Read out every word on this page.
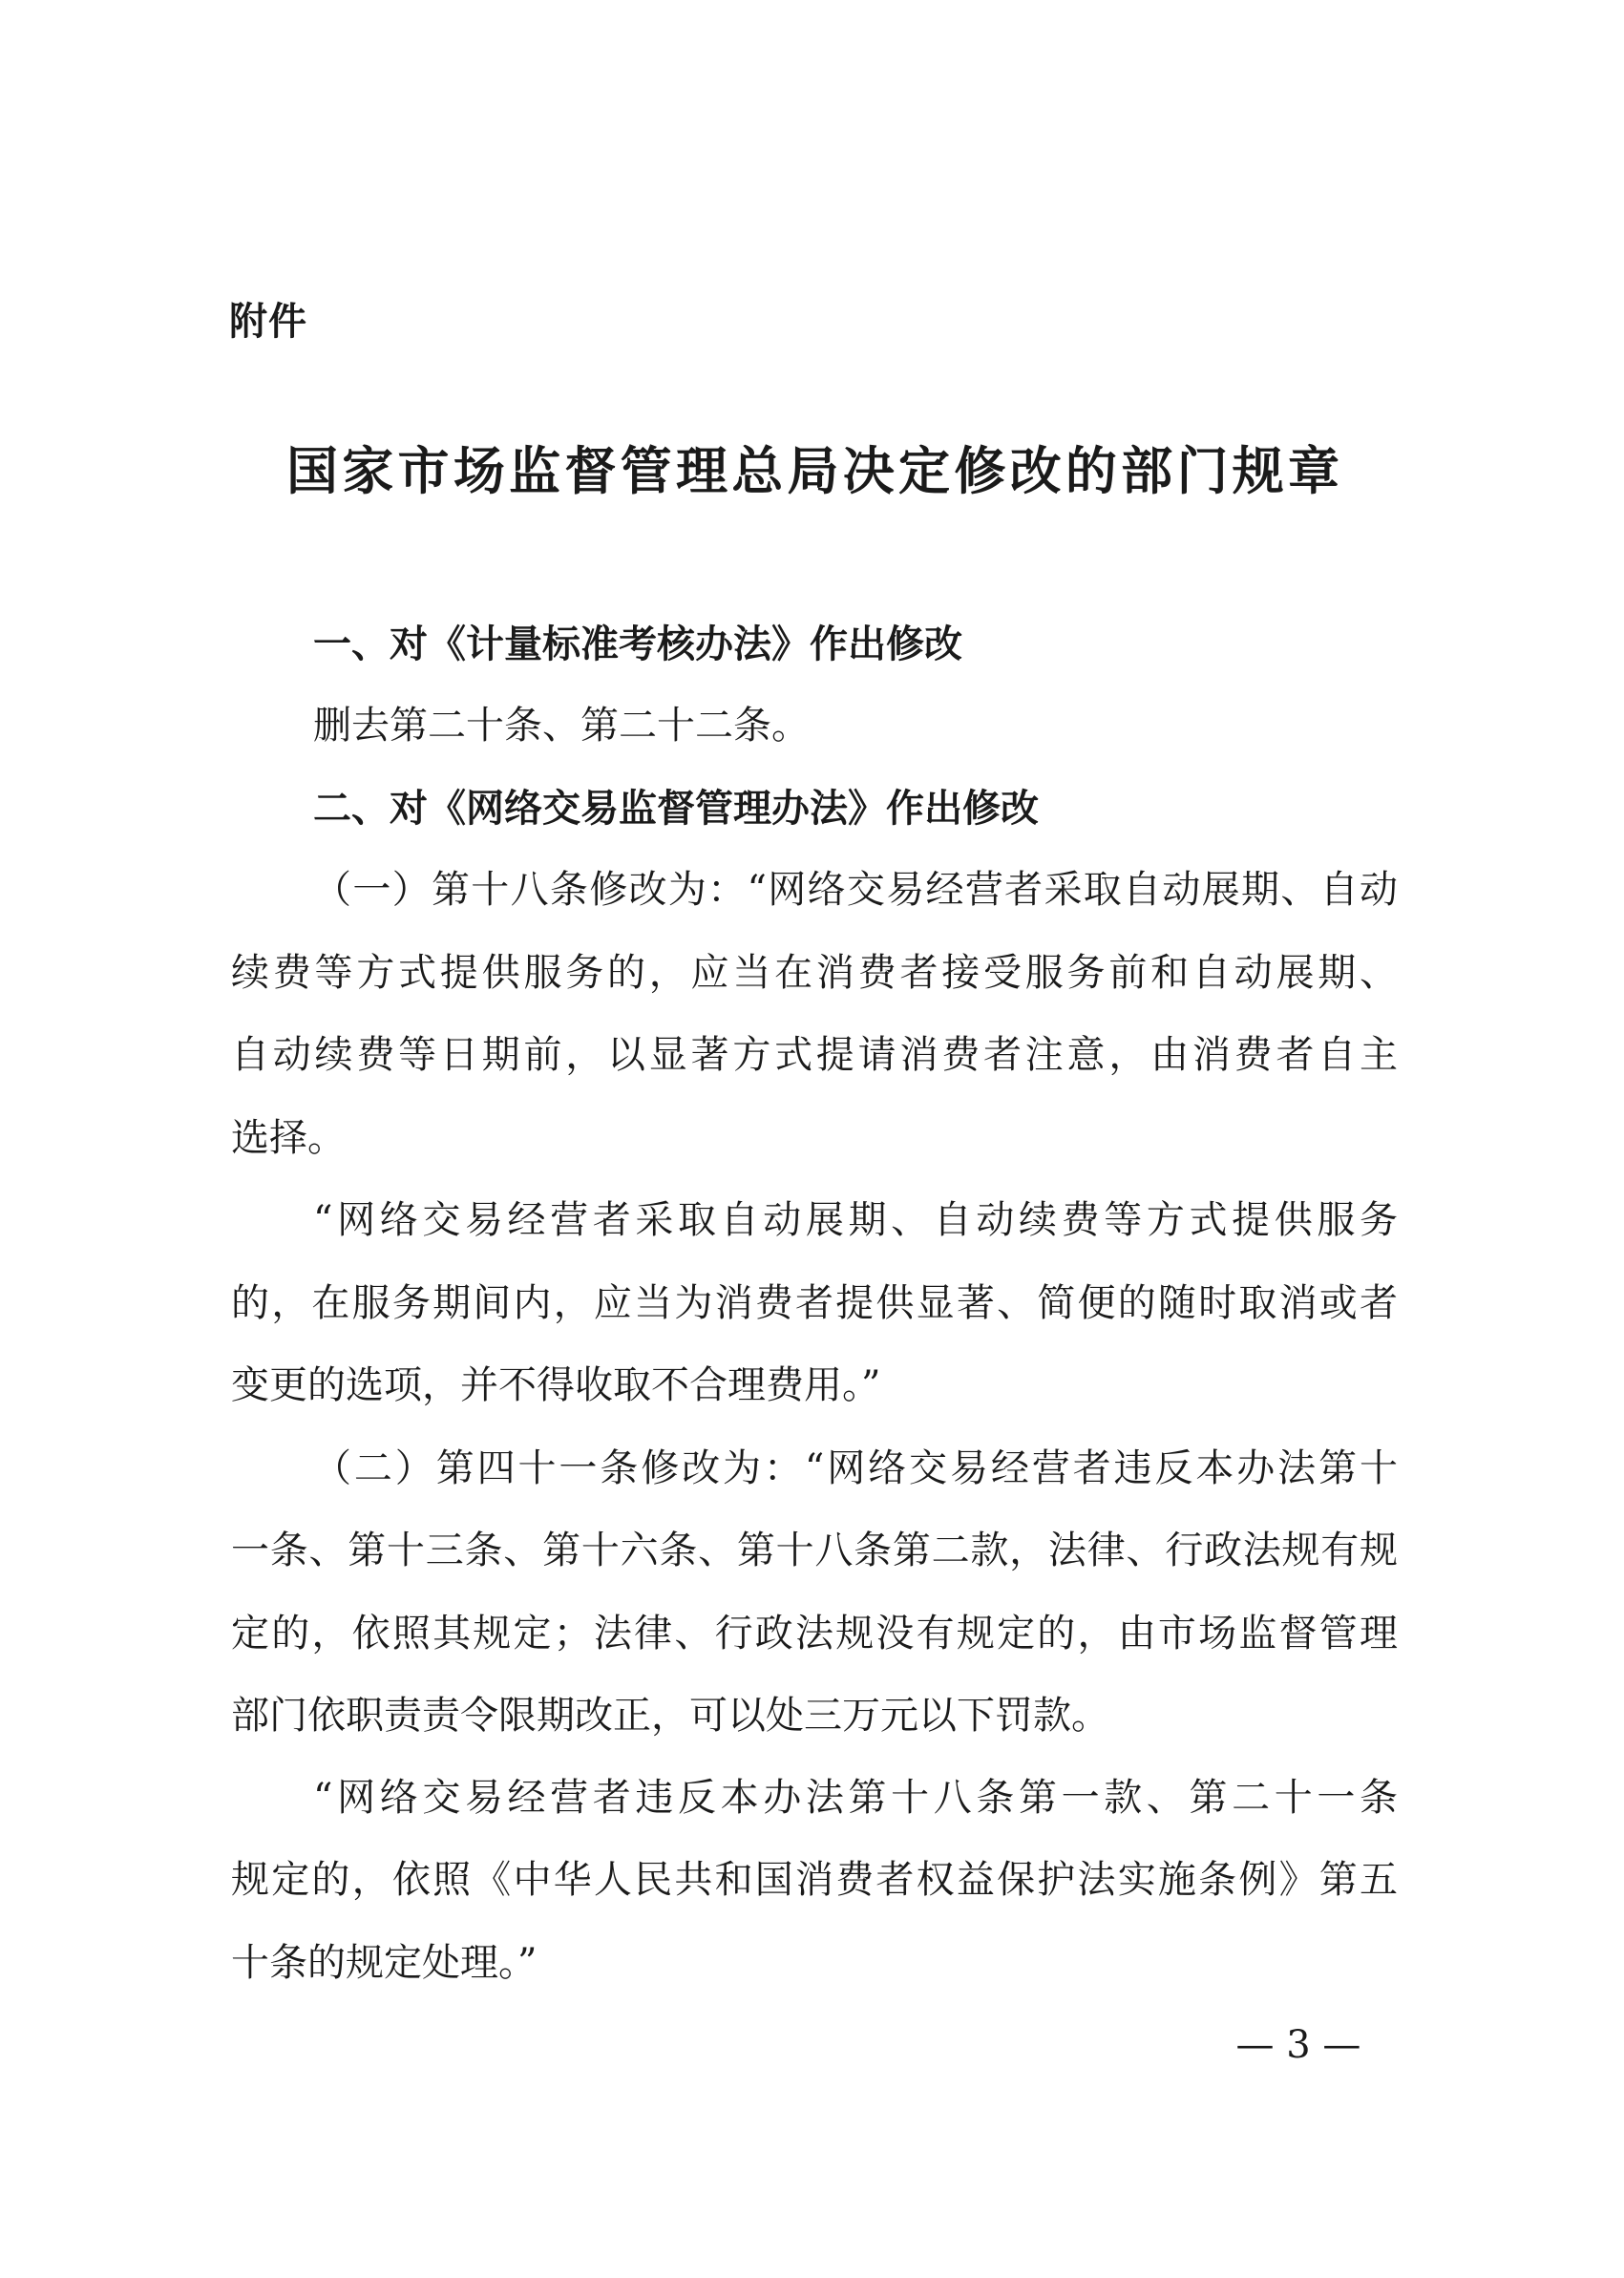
附件
国家市场监督管理总局决定修改的部门规章
一、对《计量标准考核办法》作出修改
删去第二十条、第二十二条。
二、对《网络交易监督管理办法》作出修改
（一）第十八条修改为：“网络交易经营者采取自动展期、自动
续费等方式提供服务的，应当在消费者接受服务前和自动展期、
自动续费等日期前，以显著方式提请消费者注意，由消费者自主
选择。
“网络交易经营者采取自动展期、自动续费等方式提供服务
的，在服务期间内，应当为消费者提供显著、简便的随时取消或者
变更的选项，并不得收取不合理费用。”
（二）第四十一条修改为：“网络交易经营者违反本办法第十
一条、第十三条、第十六条、第十八条第二款，法律、行政法规有规
定的，依照其规定；法律、行政法规没有规定的，由市场监督管理
部门依职责责令限期改正，可以处三万元以下罚款。
“网络交易经营者违反本办法第十八条第一款、第二十一条
规定的，依照《中华人民共和国消费者权益保护法实施条例》第五
十条的规定处理。”
— 3 —
